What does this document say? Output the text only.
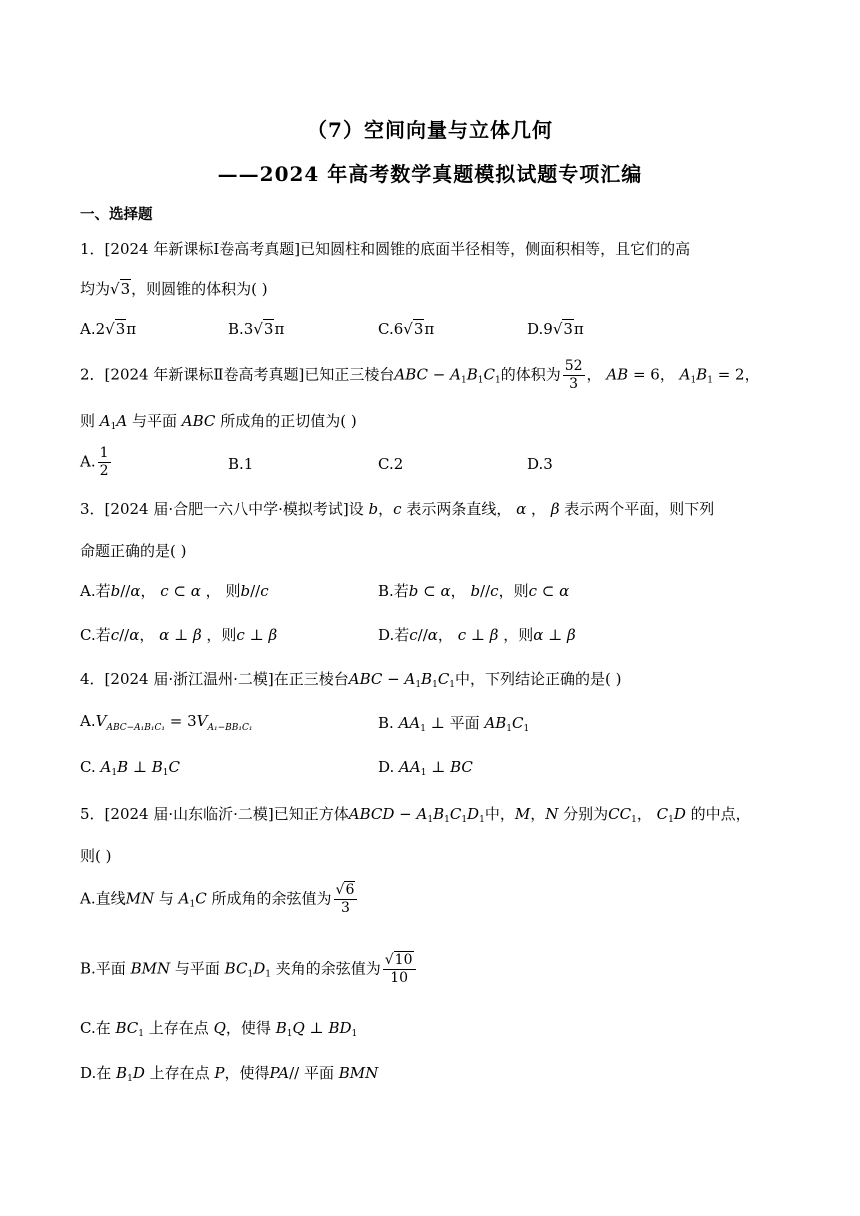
（7）空间向量与立体几何
——2024 年高考数学真题模拟试题专项汇编
一、选择题
1．[2024 年新课标Ⅰ卷高考真题]已知圆柱和圆锥的底面半径相等，侧面积相等，且它们的高
均为√3，则圆锥的体积为( )
A.2√3π	B.3√3π	C.6√3π	D.9√3π
2．[2024 年新课标Ⅱ卷高考真题]已知正三棱台ABC − $A_1B_1C_1$的体积为 $\frac{52}{3}$ ， AB = 6， $A_1B_1 = 2$，
则 $A_1A$ 与平面 ABC 所成角的正切值为( )
A. $\frac{1}{2}$	B.1	C.2	D.3
3．[2024 届·合肥一六八中学·模拟考试]设 b，c 表示两条直线， α ， β 表示两个平面，则下列
命题正确的是( )
A.若b//α， c ⊂ α ， 则b//c	B.若b ⊂ α， b//c，则c ⊂ α
C.若c//α， α ⊥ β ，则c ⊥ β	D.若c//α， c ⊥ β ，则α ⊥ β
4．[2024 届·浙江温州·二模]在正三棱台ABC − $A_1B_1C_1$中，下列结论正确的是( )
$A.V_{ABC-A_1B_1C_1} = 3V_{A_1-BB_1C_1}$	B. $AA_1$ ⊥ 平面 $AB_1C_1$
C. $A_1B$ ⊥ $B_1C$	D. $AA_1$ ⊥ BC
5．[2024 届·山东临沂·二模]已知正方体ABCD − $A_1B_1C_1D_1$中，M，N 分别为$CC_1$， $C_1D$ 的中点，
则( )
A.直线MN 与 $A_1C$ 所成角的余弦值为 $\frac{√6}{3}$
B.平面 BMN 与平面 $BC_1D_1$ 夹角的余弦值为 $\frac{√10}{10}$
C.在 $BC_1$ 上存在点 Q，使得 $B_1Q$ ⊥ $BD_1$
D.在 $B_1D$ 上存在点 P，使得PA// 平面 BMN
